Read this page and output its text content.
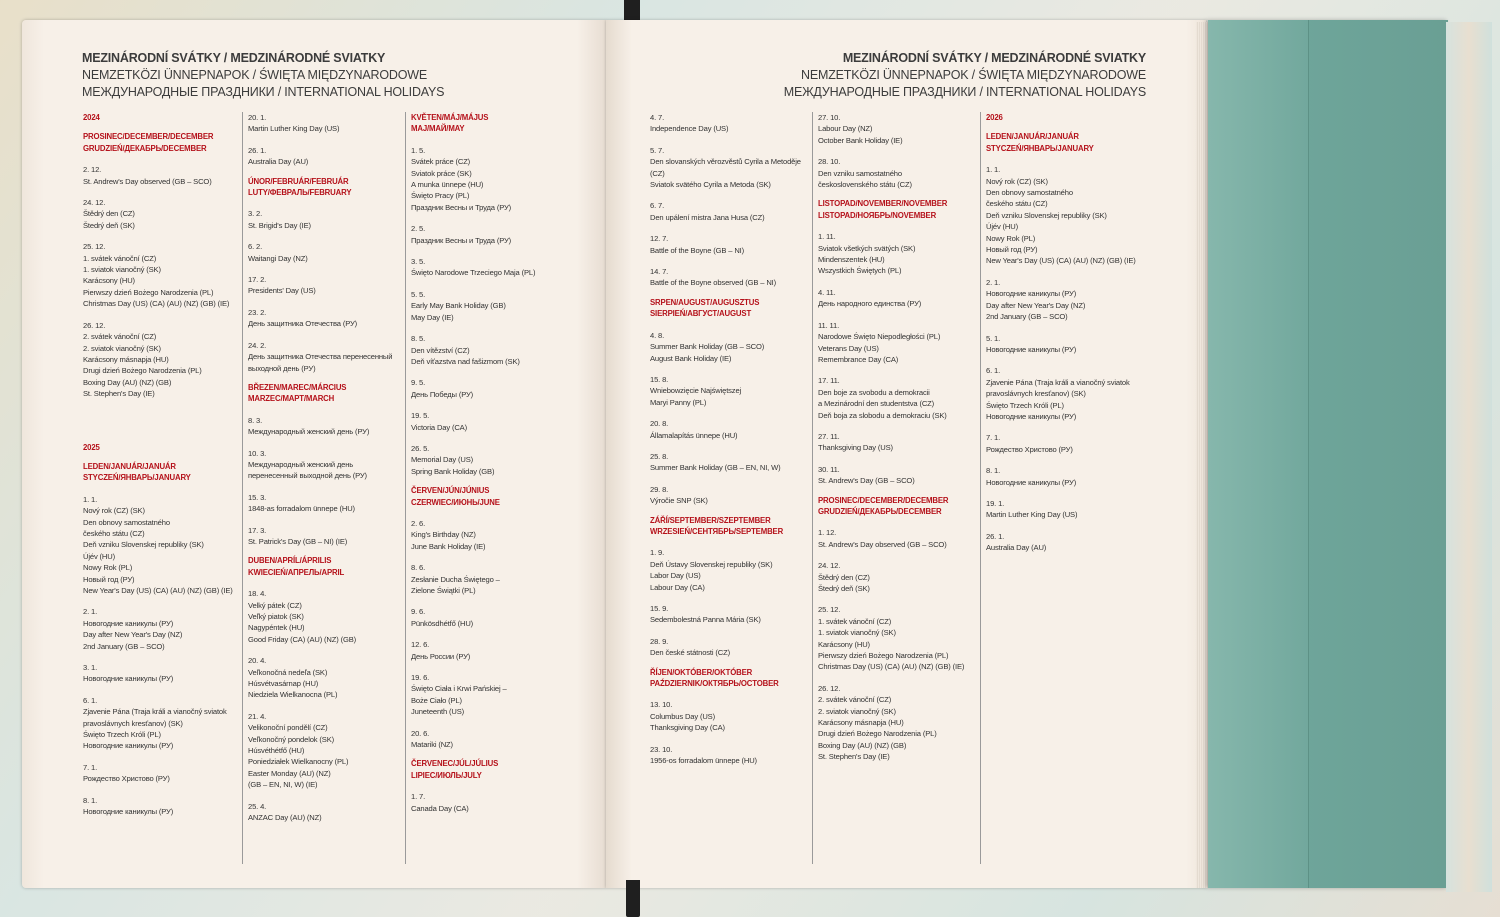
MEZINÁRODNÍ SVÁTKY / MEDZINÁRODNÉ SVIATKY
NEMZETKÖZI ÜNNEPNAPOK / ŚWIĘTA MIĘDZYNARODOWE
МЕЖДУНАРОДНЫЕ ПРАЗДНИКИ / INTERNATIONAL HOLIDAYS
MEZINÁRODNÍ SVÁTKY / MEDZINÁRODNÉ SVIATKY
NEMZETKÖZI ÜNNEPNAPOK / ŚWIĘTA MIĘDZYNARODOWE
МЕЖДУНАРОДНЫЕ ПРАЗДНИКИ / INTERNATIONAL HOLIDAYS
2024
PROSINEC/DECEMBER/DECEMBER
GRUDZIEŃ/ДЕКАБРЬ/DECEMBER
2. 12.
St. Andrew's Day observed (GB – SCO)
24. 12.
Štědrý den (CZ)
Štedrý deň (SK)
25. 12.
1. svátek vánoční (CZ)
1. sviatok vianočný (SK)
Karácsony (HU)
Pierwszy dzień Bożego Narodzenia (PL)
Christmas Day (US) (CA) (AU) (NZ) (GB) (IE)
26. 12.
2. svátek vánoční (CZ)
2. sviatok vianočný (SK)
Karácsony másnapja (HU)
Drugi dzień Bożego Narodzenia (PL)
Boxing Day (AU) (NZ) (GB)
St. Stephen's Day (IE)
2025
LEDEN/JANUÁR/JANUÁR
STYCZEŃ/ЯНВАРЬ/JANUARY
1. 1.
Nový rok (CZ) (SK)
Den obnovy samostatného
českého státu (CZ)
Deň vzniku Slovenskej republiky (SK)
Újév (HU)
Nowy Rok (PL)
Новый год (РУ)
New Year's Day (US) (CA) (AU) (NZ) (GB) (IE)
2. 1.
Новогодние каникулы (РУ)
Day after New Year's Day (NZ)
2nd January (GB – SCO)
3. 1.
Новогодние каникулы (РУ)
6. 1.
Zjavenie Pána (Traja králi a vianočný sviatok
pravoslávnych kresťanov) (SK)
Święto Trzech Króli (PL)
Новогодние каникулы (РУ)
7. 1.
Рождество Христово (РУ)
8. 1.
Новогодние каникулы (РУ)
20. 1.
Martin Luther King Day (US)
26. 1.
Australia Day (AU)
ÚNOR/FEBRUÁR/FEBRUÁR
LUTY/ФЕВРАЛЬ/FEBRUARY
3. 2.
St. Brigid's Day (IE)
6. 2.
Waitangi Day (NZ)
17. 2.
Presidents' Day (US)
23. 2.
День защитника Отечества (РУ)
24. 2.
День защитника Отечества перенесенный
выходной день (РУ)
BŘEZEN/MAREC/MÁRCIUS
MARZEC/МАРТ/MARCH
8. 3.
Международный женский день (РУ)
10. 3.
Международный женский день
перенесенный выходной день (РУ)
15. 3.
1848-as forradalom ünnepe (HU)
17. 3.
St. Patrick's Day (GB – NI) (IE)
DUBEN/APRÍL/ÁPRILIS
KWIECIEŃ/АПРЕЛЬ/APRIL
18. 4.
Velký pátek (CZ)
Veľký piatok (SK)
Nagypéntek (HU)
Good Friday (CA) (AU) (NZ) (GB)
20. 4.
Veľkonočná nedeľa (SK)
Húsvétvasárnap (HU)
Niedziela Wielkanocna (PL)
21. 4.
Velikonoční pondělí (CZ)
Veľkonočný pondelok (SK)
Húsvéthétfő (HU)
Poniedziałek Wielkanocny (PL)
Easter Monday (AU) (NZ)
(GB – EN, NI, W) (IE)
25. 4.
ANZAC Day (AU) (NZ)
KVĚTEN/MÁJ/MÁJUS
MAJ/МАЙ/MAY
1. 5.
Svátek práce (CZ)
Sviatok práce (SK)
A munka ünnepe (HU)
Święto Pracy (PL)
Праздник Весны и Труда (РУ)
2. 5.
Праздник Весны и Труда (РУ)
3. 5.
Święto Narodowe Trzeciego Maja (PL)
5. 5.
Early May Bank Holiday (GB)
May Day (IE)
8. 5.
Den vítězství (CZ)
Deň víťazstva nad fašizmom (SK)
9. 5.
День Победы (РУ)
19. 5.
Victoria Day (CA)
26. 5.
Memorial Day (US)
Spring Bank Holiday (GB)
ČERVEN/JÚN/JÚNIUS
CZERWIEC/ИЮНЬ/JUNE
2. 6.
King's Birthday (NZ)
June Bank Holiday (IE)
8. 6.
Zesłanie Ducha Świętego –
Zielone Świątki (PL)
9. 6.
Pünkösdhétfő (HU)
12. 6.
День России (РУ)
19. 6.
Święto Ciała i Krwi Pańskiej –
Boże Ciało (PL)
Juneteenth (US)
20. 6.
Matariki (NZ)
ČERVENEC/JÚL/JÚLIUS
LIPIEC/ИЮЛЬ/JULY
1. 7.
Canada Day (CA)
4. 7.
Independence Day (US)
5. 7.
Den slovanských věrozvěstů Cyrila a Metoděje
(CZ)
Sviatok svätého Cyrila a Metoda (SK)
6. 7.
Den upálení mistra Jana Husa (CZ)
12. 7.
Battle of the Boyne (GB – NI)
14. 7.
Battle of the Boyne observed (GB – NI)
SRPEN/AUGUST/AUGUSZTUS
SIERPIEŃ/АВГУСТ/AUGUST
4. 8.
Summer Bank Holiday (GB – SCO)
August Bank Holiday (IE)
15. 8.
Wniebowzięcie Najświętszej
Maryi Panny (PL)
20. 8.
Államalapítás ünnepe (HU)
25. 8.
Summer Bank Holiday (GB – EN, NI, W)
29. 8.
Výročie SNP (SK)
ZÁŘÍ/SEPTEMBER/SZEPTEMBER
WRZESIEŃ/СЕНТЯБРЬ/SEPTEMBER
1. 9.
Deň Ústavy Slovenskej republiky (SK)
Labor Day (US)
Labour Day (CA)
15. 9.
Sedembolestná Panna Mária (SK)
28. 9.
Den české státnosti (CZ)
ŘÍJEN/OKTÓBER/OKTÓBER
PAŹDZIERNIK/ОКТЯБРЬ/OCTOBER
13. 10.
Columbus Day (US)
Thanksgiving Day (CA)
23. 10.
1956-os forradalom ünnepe (HU)
27. 10.
Labour Day (NZ)
October Bank Holiday (IE)
28. 10.
Den vzniku samostatného
československého státu (CZ)
LISTOPAD/NOVEMBER/NOVEMBER
LISTOPAD/НОЯБРЬ/NOVEMBER
1. 11.
Sviatok všetkých svätých (SK)
Mindenszentek (HU)
Wszystkich Świętych (PL)
4. 11.
День народного единства (РУ)
11. 11.
Narodowe Święto Niepodległości (PL)
Veterans Day (US)
Remembrance Day (CA)
17. 11.
Den boje za svobodu a demokracii
a Mezinárodní den studentstva (CZ)
Deň boja za slobodu a demokraciu (SK)
27. 11.
Thanksgiving Day (US)
30. 11.
St. Andrew's Day (GB – SCO)
PROSINEC/DECEMBER/DECEMBER
GRUDZIEŃ/ДЕКАБРЬ/DECEMBER
1. 12.
St. Andrew's Day observed (GB – SCO)
24. 12.
Štědrý den (CZ)
Štedrý deň (SK)
25. 12.
1. svátek vánoční (CZ)
1. sviatok vianočný (SK)
Karácsony (HU)
Pierwszy dzień Bożego Narodzenia (PL)
Christmas Day (US) (CA) (AU) (NZ) (GB) (IE)
26. 12.
2. svátek vánoční (CZ)
2. sviatok vianočný (SK)
Karácsony másnapja (HU)
Drugi dzień Bożego Narodzenia (PL)
Boxing Day (AU) (NZ) (GB)
St. Stephen's Day (IE)
2026
LEDEN/JANUÁR/JANUÁR
STYCZEŃ/ЯНВАРЬ/JANUARY
1. 1.
Nový rok (CZ) (SK)
Den obnovy samostatného
českého státu (CZ)
Deň vzniku Slovenskej republiky (SK)
Újév (HU)
Nowy Rok (PL)
Новый год (РУ)
New Year's Day (US) (CA) (AU) (NZ) (GB) (IE)
2. 1.
Новогодние каникулы (РУ)
Day after New Year's Day (NZ)
2nd January (GB – SCO)
5. 1.
Новогодние каникулы (РУ)
6. 1.
Zjavenie Pána (Traja králi a vianočný sviatok
pravoslávnych kresťanov) (SK)
Święto Trzech Króli (PL)
Новогодние каникулы (РУ)
7. 1.
Рождество Христово (РУ)
8. 1.
Новогодние каникулы (РУ)
19. 1.
Martin Luther King Day (US)
26. 1.
Australia Day (AU)
